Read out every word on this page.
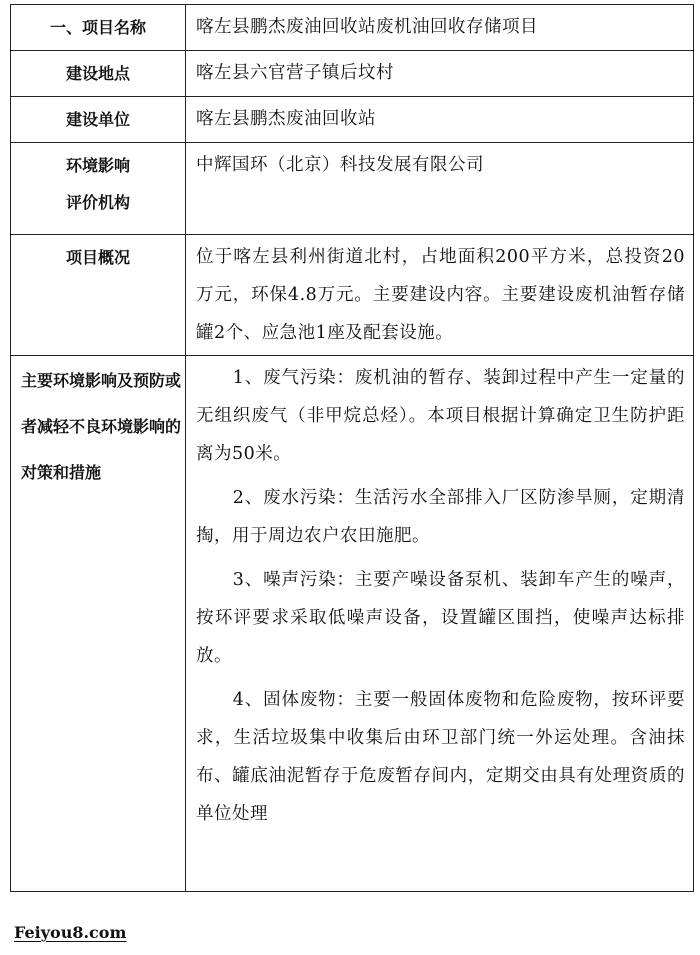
一、项目名称	喀左县鹏杰废油回收站废机油回收存储项目
建设地点	喀左县六官营子镇后坟村
建设单位	喀左县鹏杰废油回收站

环境影响
评价机构	中辉国环（北京）科技发展有限公司
项目概况	位于喀左县利州街道北村，占地面积200平方米，总投资20万元，环保4.8万元。主要建设内容。主要建设废机油暂存储罐2个、应急池1座及配套设施。
主要环境影响及预防或者减轻不良环境影响的对策和措施	1、废气污染：废机油的暂存、装卸过程中产生一定量的无组织废气（非甲烷总烃）。本项目根据计算确定卫生防护距离为50米。

2、废水污染：生活污水全部排入厂区防渗旱厕，定期清掏，用于周边农户农田施肥。

3、噪声污染：主要产噪设备泵机、装卸车产生的噪声，按环评要求采取低噪声设备，设置罐区围挡，使噪声达标排放。

4、固体废物：主要一般固体废物和危险废物，按环评要求，生活垃圾集中收集后由环卫部门统一外运处理。含油抹布、罐底油泥暂存于危废暂存间内，定期交由具有处理资质的单位处理

Feiyou8.com
